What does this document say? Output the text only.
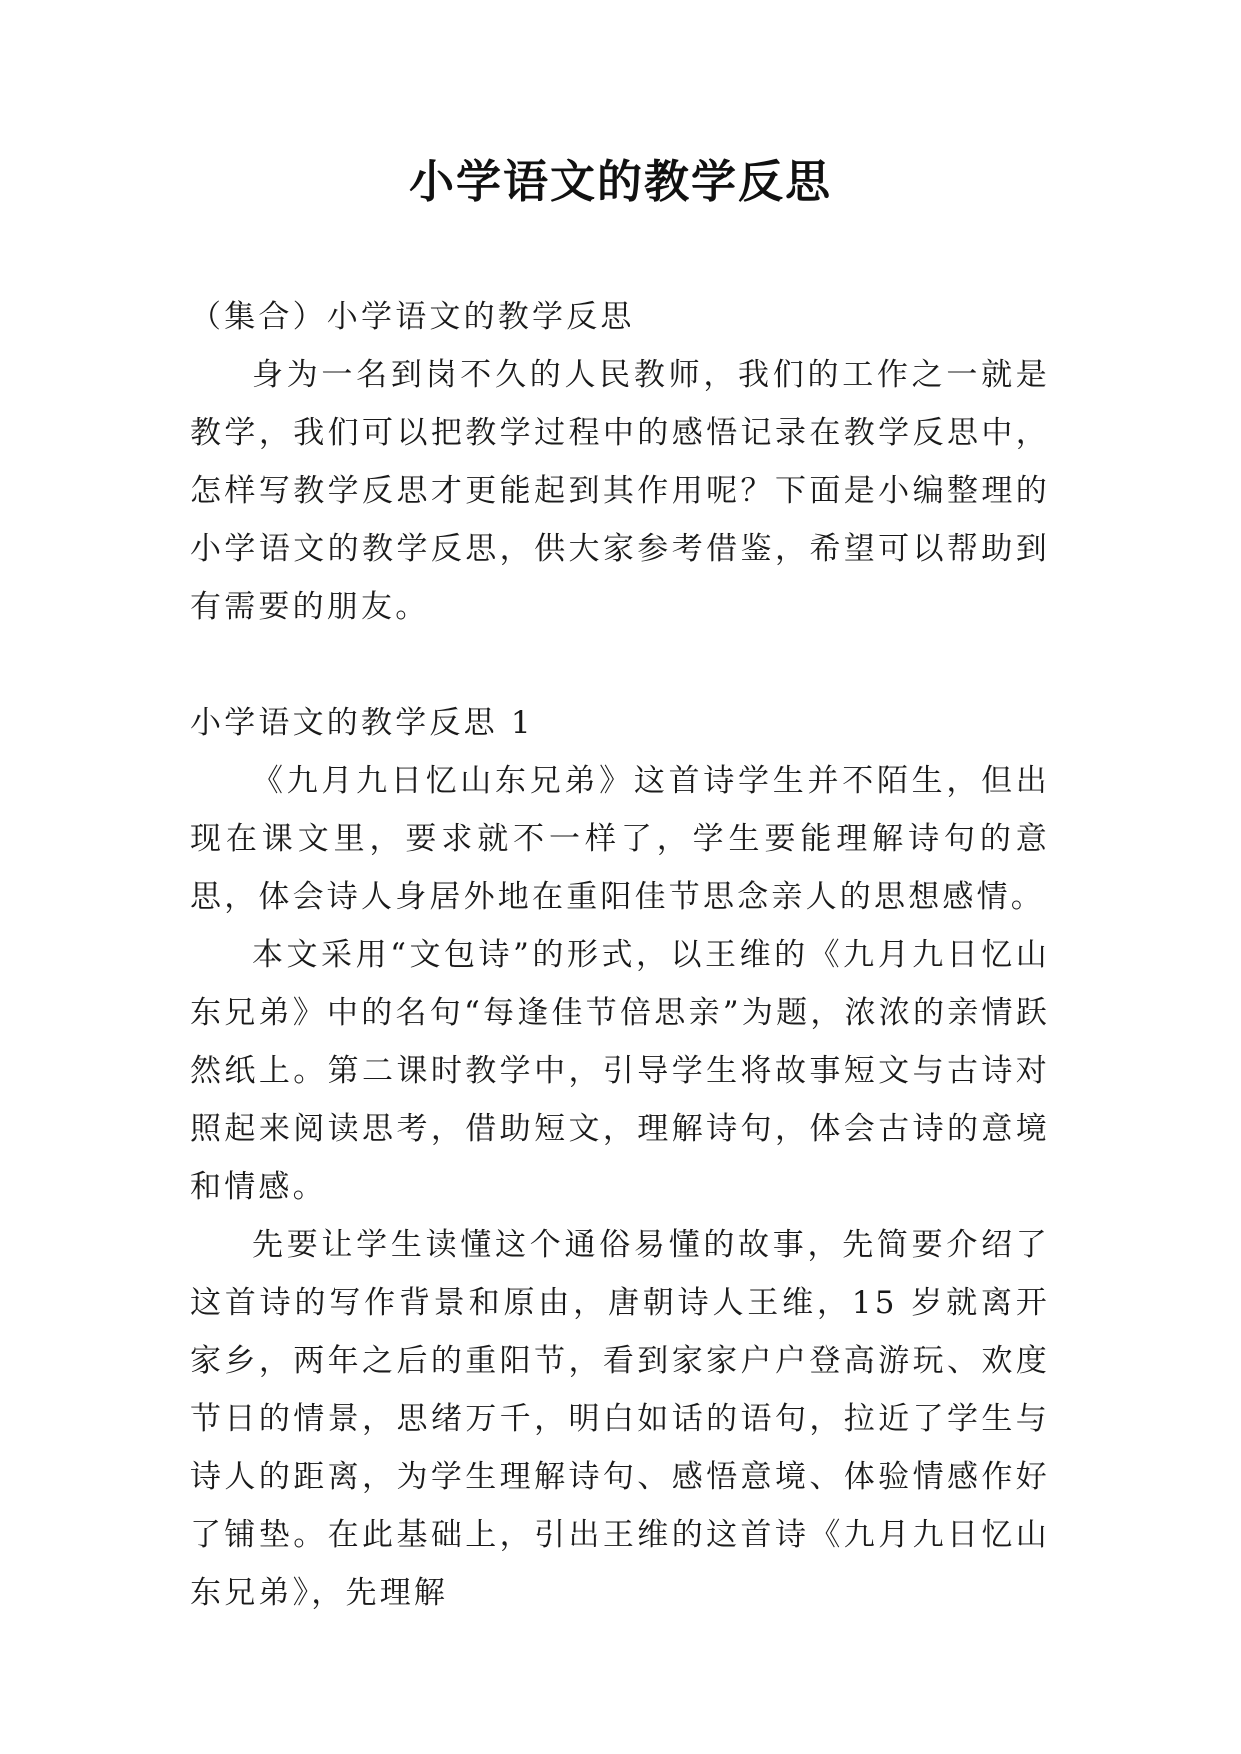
小学语文的教学反思

（集合）小学语文的教学反思

身为一名到岗不久的人民教师，我们的工作之一就是教学，我们可以把教学过程中的感悟记录在教学反思中，怎样写教学反思才更能起到其作用呢？下面是小编整理的小学语文的教学反思，供大家参考借鉴，希望可以帮助到有需要的朋友。

小学语文的教学反思 1

《九月九日忆山东兄弟》这首诗学生并不陌生，但出现在课文里，要求就不一样了，学生要能理解诗句的意思，体会诗人身居外地在重阳佳节思念亲人的思想感情。

本文采用“文包诗”的形式，以王维的《九月九日忆山东兄弟》中的名句“每逢佳节倍思亲”为题，浓浓的亲情跃然纸上。第二课时教学中，引导学生将故事短文与古诗对照起来阅读思考，借助短文，理解诗句，体会古诗的意境和情感。

先要让学生读懂这个通俗易懂的故事，先简要介绍了这首诗的写作背景和原由，唐朝诗人王维，15 岁就离开家乡，两年之后的重阳节，看到家家户户登高游玩、欢度节日的情景，思绪万千，明白如话的语句，拉近了学生与诗人的距离，为学生理解诗句、感悟意境、体验情感作好了铺垫。在此基础上，引出王维的这首诗《九月九日忆山东兄弟》，先理解
